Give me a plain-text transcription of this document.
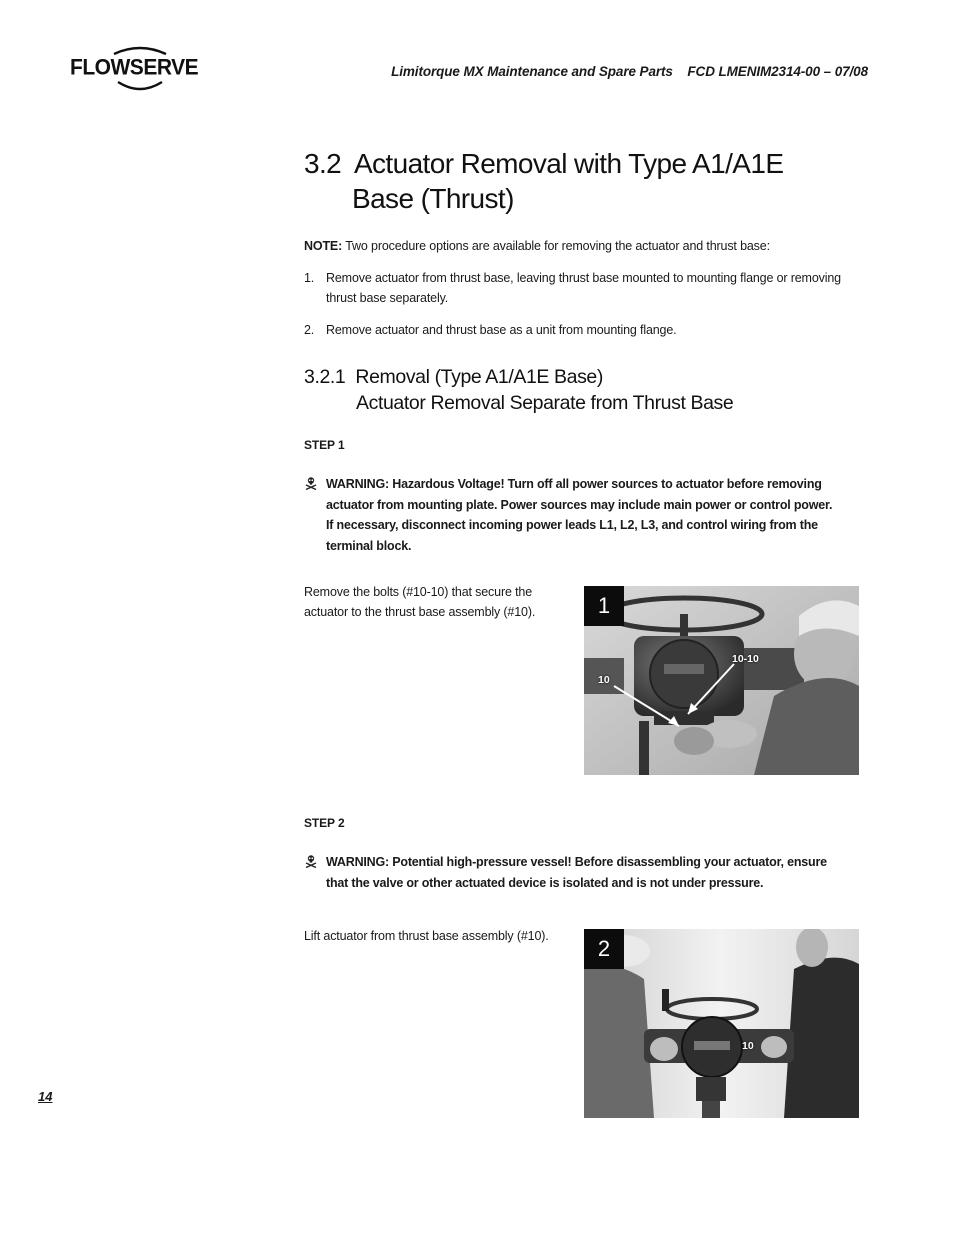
FLOWSERVE	Limitorque MX Maintenance and Spare Parts    FCD LMENIM2314-00 – 07/08
3.2  Actuator Removal with Type A1/A1E
Base (Thrust)
NOTE: Two procedure options are available for removing the actuator and thrust base:
1. Remove actuator from thrust base, leaving thrust base mounted to mounting flange or removing thrust base separately.
2. Remove actuator and thrust base as a unit from mounting flange.
3.2.1  Removal (Type A1/A1E Base)
Actuator Removal Separate from Thrust Base
STEP 1
WARNING: Hazardous Voltage! Turn off all power sources to actuator before removing actuator from mounting plate. Power sources may include main power or control power. If necessary, disconnect incoming power leads L1, L2, L3, and control wiring from the terminal block.
Remove the bolts (#10-10) that secure the actuator to the thrust base assembly (#10).	1
10-10
10
STEP 2
WARNING: Potential high-pressure vessel! Before disassembling your actuator, ensure that the valve or other actuated device is isolated and is not under pressure.
Lift actuator from thrust base assembly (#10).	2
10
14
